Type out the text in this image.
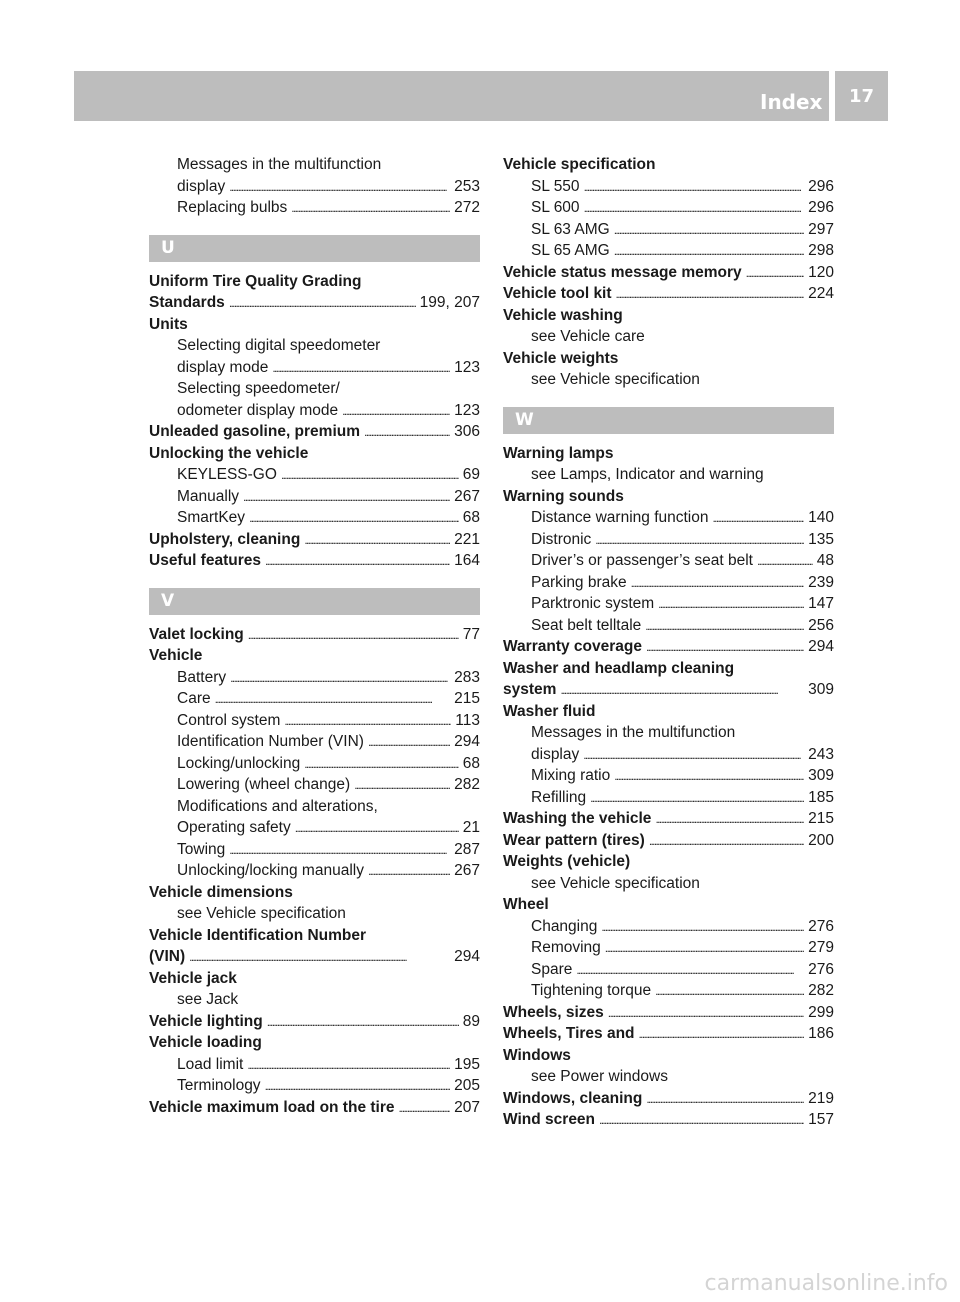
Index	17
Messages in the multifunction
display . . .	253
Replacing bulbs . . .	272
U
Uniform Tire Quality Grading
Standards . . .	199, 207
Units
Selecting digital speedometer
display mode . . .	123
Selecting speedometer/
odometer display mode . . .	123
Unleaded gasoline, premium . . .	306
Unlocking the vehicle
KEYLESS-GO . . .	69
Manually . . .	267
SmartKey . . .	68
Upholstery, cleaning . . .	221
Useful features . . .	164
V
Valet locking . . .	77
Vehicle
Battery . . .	283
Care . . .	215
Control system . . .	113
Identification Number (VIN) . . .	294
Locking/unlocking . . .	68
Lowering (wheel change) . . .	282
Modifications and alterations,
Operating safety . . .	21
Towing . . .	287
Unlocking/locking manually . . .	267
Vehicle dimensions
see Vehicle specification
Vehicle Identification Number
(VIN) . . .	294
Vehicle jack
see Jack
Vehicle lighting . . .	89
Vehicle loading
Load limit . . .	195
Terminology . . .	205
Vehicle maximum load on the tire . . .	207
Vehicle specification
SL 550 . . .	296
SL 600 . . .	296
SL 63 AMG . . .	297
SL 65 AMG . . .	298
Vehicle status message memory . . .	120
Vehicle tool kit . . .	224
Vehicle washing
see Vehicle care
Vehicle weights
see Vehicle specification
W
Warning lamps
see Lamps, Indicator and warning
Warning sounds
Distance warning function . . .	140
Distronic . . .	135
Driver’s or passenger’s seat belt . . .	48
Parking brake . . .	239
Parktronic system . . .	147
Seat belt telltale . . .	256
Warranty coverage . . .	294
Washer and headlamp cleaning
system . . .	309
Washer fluid
Messages in the multifunction
display . . .	243
Mixing ratio . . .	309
Refilling . . .	185
Washing the vehicle . . .	215
Wear pattern (tires) . . .	200
Weights (vehicle)
see Vehicle specification
Wheel
Changing . . .	276
Removing . . .	279
Spare . . .	276
Tightening torque . . .	282
Wheels, sizes . . .	299
Wheels, Tires and . . .	186
Windows
see Power windows
Windows, cleaning . . .	219
Wind screen . . .	157
carmanualsonline.info
